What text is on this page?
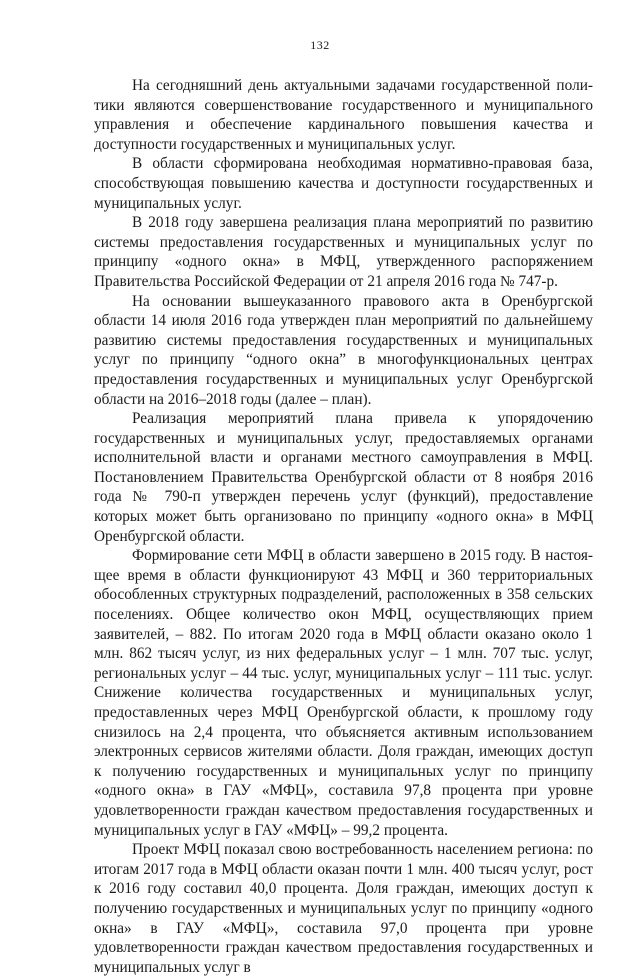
132

На сегодняшний день актуальными задачами государственной политики являются совершенствование государственного и муниципального управления и обеспечение кардинального повышения качества и доступности государственных и муниципальных услуг.

В области сформирована необходимая нормативно-правовая база, способствующая повышению качества и доступности государственных и муниципальных услуг.

В 2018 году завершена реализация плана мероприятий по развитию системы предоставления государственных и муниципальных услуг по принципу «одного окна» в МФЦ, утвержденного распоряжением Правительства Российской Федерации от 21 апреля 2016 года № 747-р.

На основании вышеуказанного правового акта в Оренбургской области 14 июля 2016 года утвержден план мероприятий по дальнейшему развитию системы предоставления государственных и муниципальных услуг по принципу “одного окна” в многофункциональных центрах предоставления государственных и муниципальных услуг Оренбургской области на 2016–2018 годы (далее – план).

Реализация мероприятий плана привела к упорядочению государственных и муниципальных услуг, предоставляемых органами исполнительной власти и органами местного самоуправления в МФЦ. Постановлением Правительства Оренбургской области от 8 ноября 2016 года № 790-п утвержден перечень услуг (функций), предоставление которых может быть организовано по принципу «одного окна» в МФЦ Оренбургской области.

Формирование сети МФЦ в области завершено в 2015 году. В настоящее время в области функционируют 43 МФЦ и 360 территориальных обособленных структурных подразделений, расположенных в 358 сельских поселениях. Общее количество окон МФЦ, осуществляющих прием заявителей, – 882. По итогам 2020 года в МФЦ области оказано около 1 млн. 862 тысяч услуг, из них федеральных услуг – 1 млн. 707 тыс. услуг, региональных услуг – 44 тыс. услуг, муниципальных услуг – 111 тыс. услуг. Снижение количества государственных и муниципальных услуг, предоставленных через МФЦ Оренбургской области, к прошлому году снизилось на 2,4 процента, что объясняется активным использованием электронных сервисов жителями области. Доля граждан, имеющих доступ к получению государственных и муниципальных услуг по принципу «одного окна» в ГАУ «МФЦ», составила 97,8 процента при уровне удовлетворенности граждан качеством предоставления государственных и муниципальных услуг в ГАУ «МФЦ» – 99,2 процента.

Проект МФЦ показал свою востребованность населением региона: по итогам 2017 года в МФЦ области оказан почти 1 млн. 400 тысяч услуг, рост к 2016 году составил 40,0 процента. Доля граждан, имеющих доступ к получению государственных и муниципальных услуг по принципу «одного окна» в ГАУ «МФЦ», составила 97,0 процента при уровне удовлетворенности граждан качеством предоставления государственных и муниципальных услуг в
